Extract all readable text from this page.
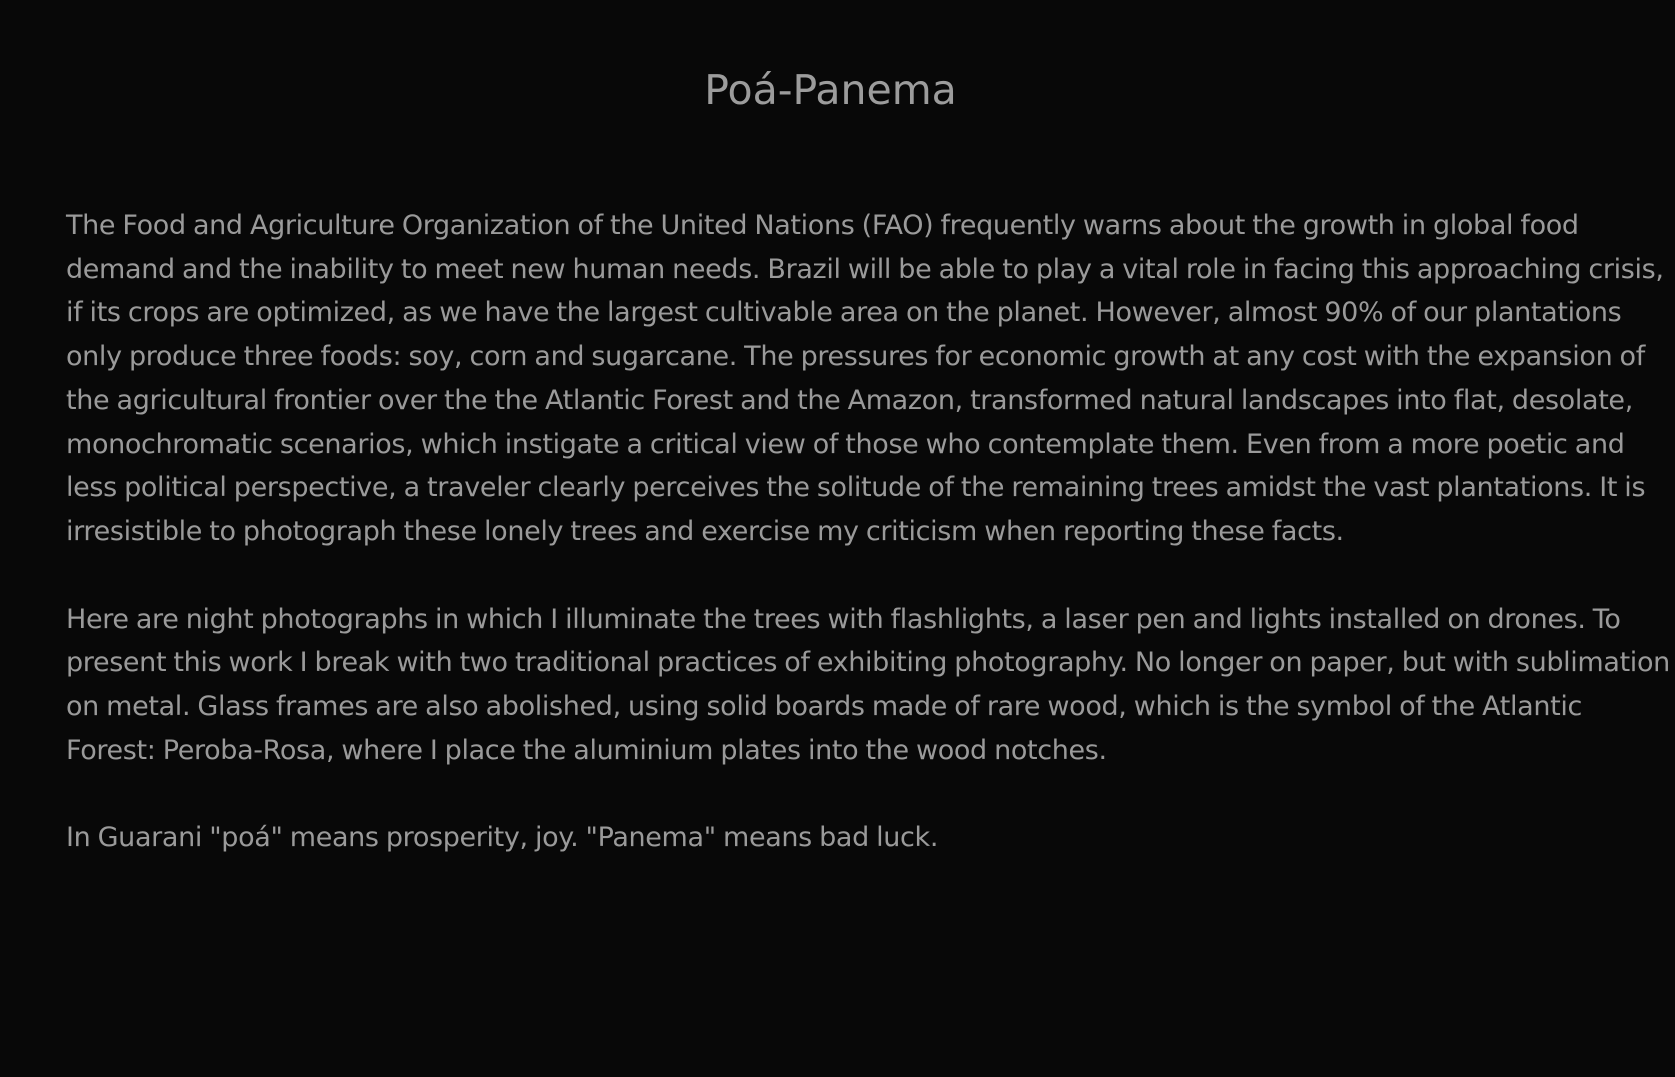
Poá-Panema

The Food and Agriculture Organization of the United Nations (FAO) frequently warns about the growth in global food demand and the inability to meet new human needs. Brazil will be able to play a vital role in facing this approaching crisis, if its crops are optimized, as we have the largest cultivable area on the planet. However, almost 90% of our plantations only produce three foods: soy, corn and sugarcane. The pressures for economic growth at any cost with the expansion of the agricultural frontier over the the Atlantic Forest and the Amazon, transformed natural landscapes into flat, desolate, monochromatic scenarios, which instigate a critical view of those who contemplate them. Even from a more poetic and less political perspective, a traveler clearly perceives the solitude of the remaining trees amidst the vast plantations. It is irresistible to photograph these lonely trees and exercise my criticism when reporting these facts.

Here are night photographs in which I illuminate the trees with flashlights, a laser pen and lights installed on drones. To present this work I break with two traditional practices of exhibiting photography. No longer on paper, but with sublimation on metal. Glass frames are also abolished, using solid boards made of rare wood, which is the symbol of the Atlantic Forest: Peroba-Rosa, where I place the aluminium plates into the wood notches.

In Guarani "poá" means prosperity, joy. "Panema" means bad luck.
